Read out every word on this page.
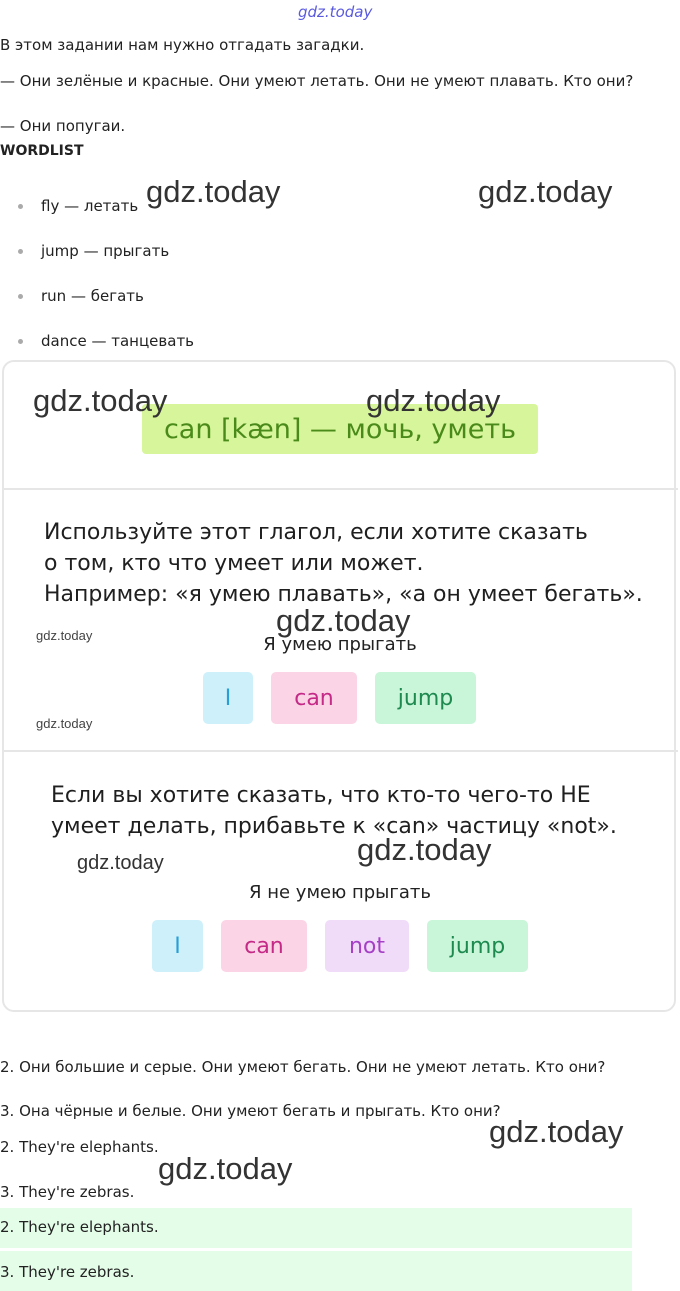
gdz.today
В этом задании нам нужно отгадать загадки.
— Они зелёные и красные. Они умеют летать. Они не умеют плавать. Кто они?
— Они попугаи.
WORDLIST
fly — летать
jump — прыгать
run — бегать
dance — танцевать
gdz.today	gdz.today
can [kæn] — мочь, уметь
gdz.today	gdz.today
Используйте этот глагол, если хотите сказать
о том, кто что умеет или может.
Например: «я умею плавать», «а он умеет бегать».
gdz.today	gdz.today
Я умею прыгать
gdz.today
I	can	jump
Если вы хотите сказать, что кто-то чего-то НЕ
умеет делать, прибавьте к «can» частицу «not».
gdz.today	gdz.today
Я не умею прыгать
I	can	not	jump
2. Они большие и серые. Они умеют бегать. Они не умеют летать. Кто они?
3. Она чёрные и белые. Они умеют бегать и прыгать. Кто они?
2. They're elephants.
3. They're zebras.
gdz.today
gdz.today
2. They're elephants.
3. They're zebras.
